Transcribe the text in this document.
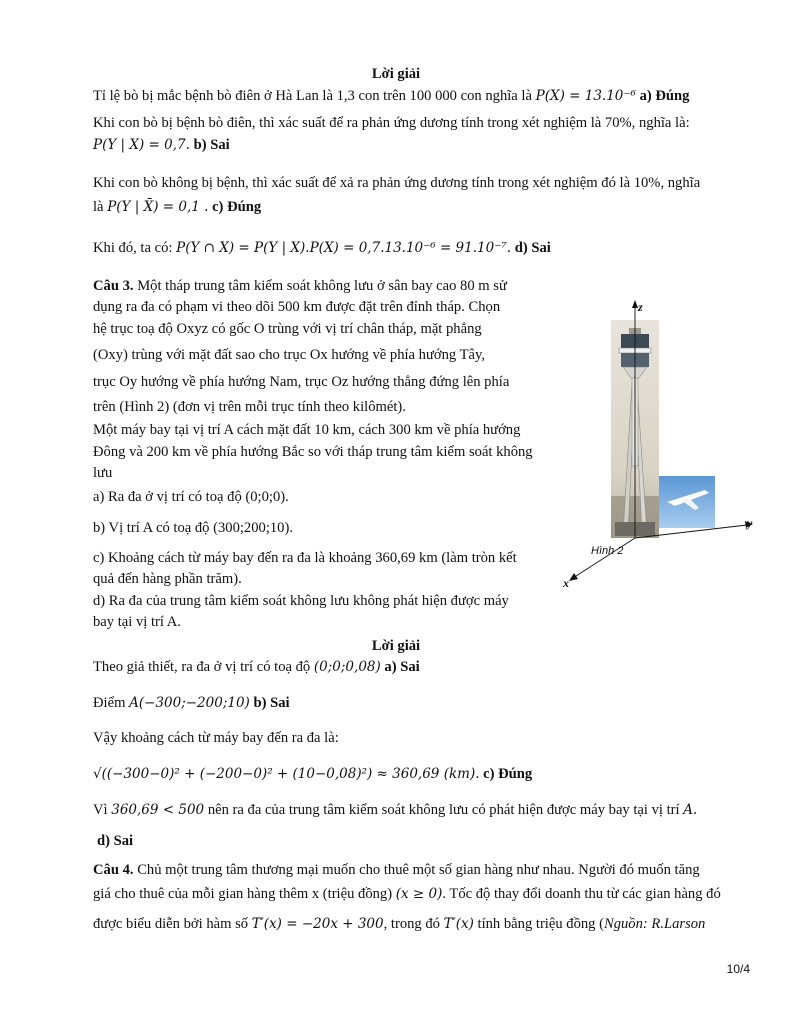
Lời giải
Tỉ lệ bò bị mắc bệnh bò điên ở Hà Lan là 1,3 con trên 100 000 con nghĩa là P(X) = 13.10⁻⁶ a) Đúng
Khi con bò bị bệnh bò điên, thì xác suất để ra phản ứng dương tính trong xét nghiệm là 70%, nghĩa là:
P(Y | X) = 0,7. b) Sai
Khi con bò không bị bệnh, thì xác suất để xả ra phản ứng dương tính trong xét nghiệm đó là 10%, nghĩa
là P(Y | X̄) = 0,1 . c) Đúng
Khi đó, ta có: P(Y ∩ X) = P(Y | X).P(X) = 0,7.13.10⁻⁶ = 91.10⁻⁷. d) Sai
Câu 3. Một tháp trung tâm kiểm soát không lưu ở sân bay cao 80 m sử
dụng ra đa có phạm vi theo dõi 500 km được đặt trên đỉnh tháp. Chọn
hệ trục toạ độ Oxyz có gốc O trùng với vị trí chân tháp, mặt phẳng
(Oxy) trùng với mặt đất sao cho trục Ox hướng về phía hướng Tây,
trục Oy hướng về phía hướng Nam, trục Oz hướng thẳng đứng lên phía
trên (Hình 2) (đơn vị trên mỗi trục tính theo kilômét).
Một máy bay tại vị trí A cách mặt đất 10 km, cách 300 km về phía hướng
Đông và 200 km về phía hướng Bắc so với tháp trung tâm kiểm soát không
lưu
a) Ra đa ở vị trí có toạ độ (0;0;0).
b) Vị trí A có toạ độ (300;200;10).
c) Khoảng cách từ máy bay đến ra đa là khoảng 360,69 km (làm tròn kết
quả đến hàng phần trăm).
d) Ra đa của trung tâm kiểm soát không lưu không phát hiện được máy
bay tại vị trí A.
z
y
x
Hình 2
Lời giải
Theo giả thiết, ra đa ở vị trí có toạ độ (0;0;0,08) a) Sai
Điểm A(−300;−200;10) b) Sai
Vậy khoảng cách từ máy bay đến ra đa là:
√((−300−0)² + (−200−0)² + (10−0,08)²) ≈ 360,69 (km). c) Đúng
Vì 360,69 < 500 nên ra đa của trung tâm kiểm soát không lưu có phát hiện được máy bay tại vị trí A.
d) Sai
Câu 4. Chủ một trung tâm thương mại muốn cho thuê một số gian hàng như nhau. Người đó muốn tăng
giá cho thuê của mỗi gian hàng thêm x (triệu đồng) (x ≥ 0). Tốc độ thay đổi doanh thu từ các gian hàng đó
được biểu diễn bởi hàm số T′(x) = −20x + 300, trong đó T′(x) tính bằng triệu đồng (Nguồn: R.Larson
10/4
